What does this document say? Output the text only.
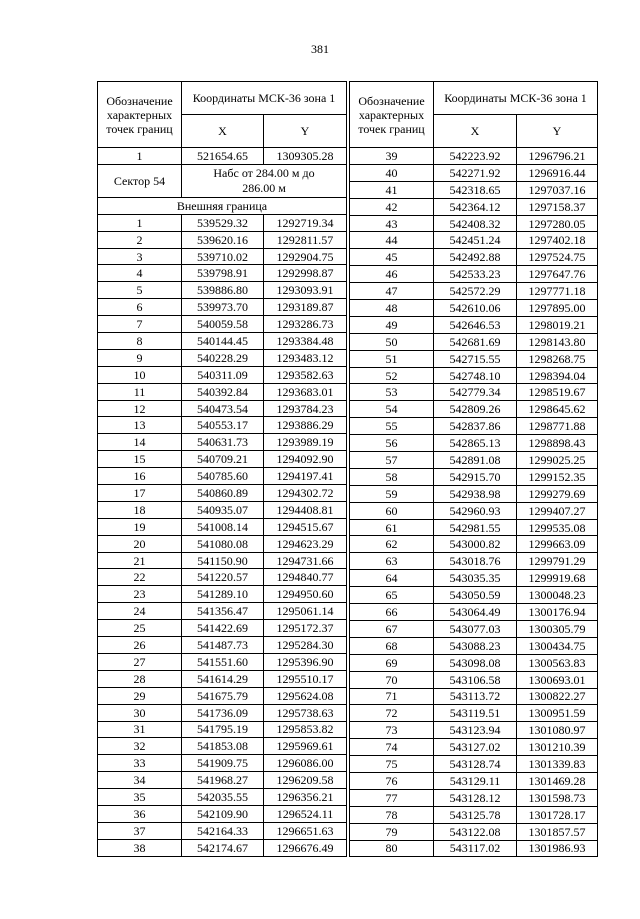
381
Обозначение характерных точек границ	Координаты МСК-36 зона 1	
	X	Y
1	521654.65	1309305.28
Сектор 54	Набс от 284.00 м до 286.00 м	
Внешняя граница		
1	539529.32	1292719.34
2	539620.16	1292811.57
3	539710.02	1292904.75
4	539798.91	1292998.87
5	539886.80	1293093.91
6	539973.70	1293189.87
7	540059.58	1293286.73
8	540144.45	1293384.48
9	540228.29	1293483.12
10	540311.09	1293582.63
11	540392.84	1293683.01
12	540473.54	1293784.23
13	540553.17	1293886.29
14	540631.73	1293989.19
15	540709.21	1294092.90
16	540785.60	1294197.41
17	540860.89	1294302.72
18	540935.07	1294408.81
19	541008.14	1294515.67
20	541080.08	1294623.29
21	541150.90	1294731.66
22	541220.57	1294840.77
23	541289.10	1294950.60
24	541356.47	1295061.14
25	541422.69	1295172.37
26	541487.73	1295284.30
27	541551.60	1295396.90
28	541614.29	1295510.17
29	541675.79	1295624.08
30	541736.09	1295738.63
31	541795.19	1295853.82
32	541853.08	1295969.61
33	541909.75	1296086.00
34	541968.27	1296209.58
35	542035.55	1296356.21
36	542109.90	1296524.11
37	542164.33	1296651.63
38	542174.67	1296676.49
Обозначение характерных точек границ	Координаты МСК-36 зона 1	
	X	Y
39	542223.92	1296796.21
40	542271.92	1296916.44
41	542318.65	1297037.16
42	542364.12	1297158.37
43	542408.32	1297280.05
44	542451.24	1297402.18
45	542492.88	1297524.75
46	542533.23	1297647.76
47	542572.29	1297771.18
48	542610.06	1297895.00
49	542646.53	1298019.21
50	542681.69	1298143.80
51	542715.55	1298268.75
52	542748.10	1298394.04
53	542779.34	1298519.67
54	542809.26	1298645.62
55	542837.86	1298771.88
56	542865.13	1298898.43
57	542891.08	1299025.25
58	542915.70	1299152.35
59	542938.98	1299279.69
60	542960.93	1299407.27
61	542981.55	1299535.08
62	543000.82	1299663.09
63	543018.76	1299791.29
64	543035.35	1299919.68
65	543050.59	1300048.23
66	543064.49	1300176.94
67	543077.03	1300305.79
68	543088.23	1300434.75
69	543098.08	1300563.83
70	543106.58	1300693.01
71	543113.72	1300822.27
72	543119.51	1300951.59
73	543123.94	1301080.97
74	543127.02	1301210.39
75	543128.74	1301339.83
76	543129.11	1301469.28
77	543128.12	1301598.73
78	543125.78	1301728.17
79	543122.08	1301857.57
80	543117.02	1301986.93
